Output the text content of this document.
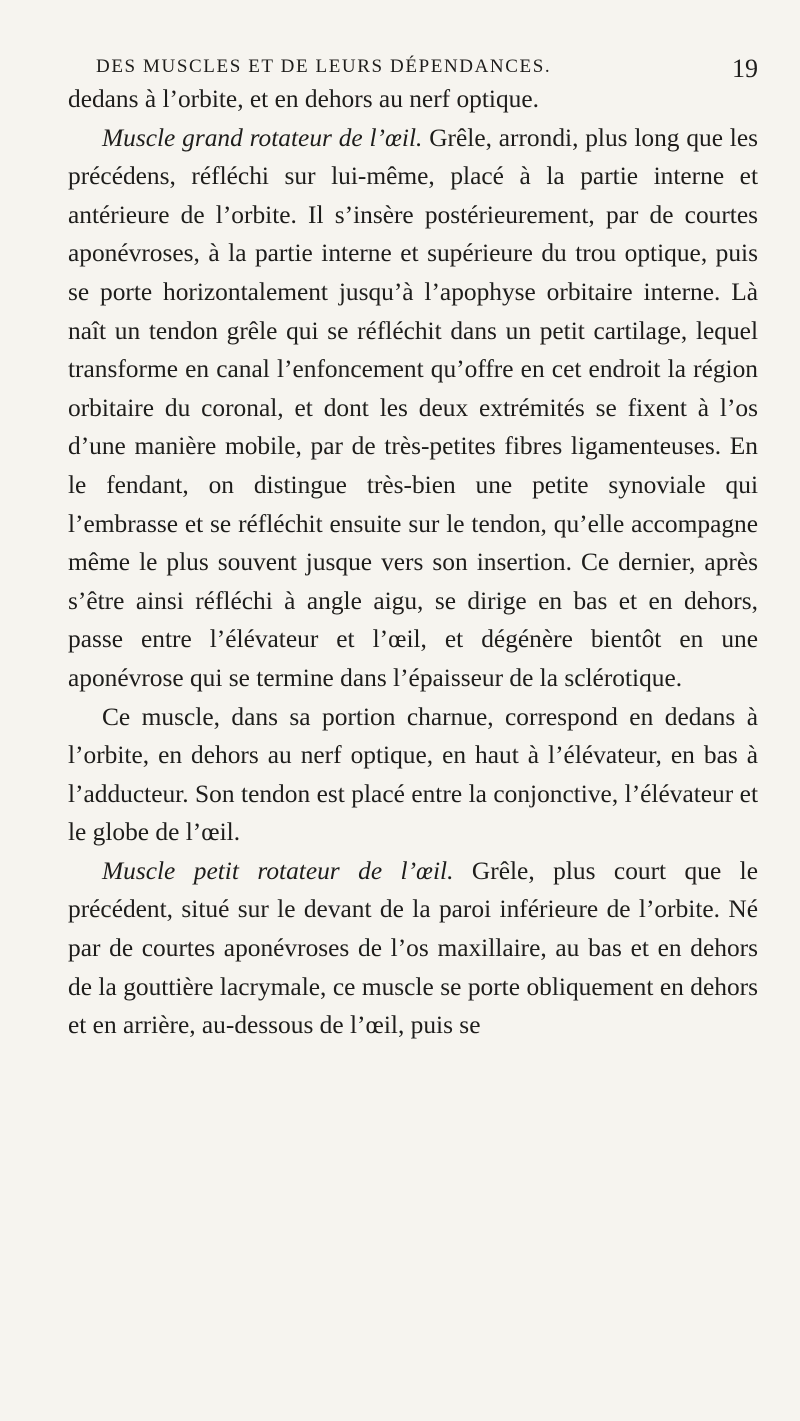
DES MUSCLES ET DE LEURS DÉPENDANCES.	19

dedans à l’orbite, et en dehors au nerf optique.

Muscle grand rotateur de l’œil. Grêle, arrondi, plus long que les précédens, réfléchi sur lui-même, placé à la partie interne et antérieure de l’orbite. Il s’insère postérieurement, par de courtes aponévroses, à la partie interne et supérieure du trou optique, puis se porte horizontalement jusqu’à l’apophyse orbitaire interne. Là naît un tendon grêle qui se réfléchit dans un petit cartilage, lequel transforme en canal l’enfoncement qu’offre en cet endroit la région orbitaire du coronal, et dont les deux extrémités se fixent à l’os d’une manière mobile, par de très-petites fibres ligamenteuses. En le fendant, on distingue très-bien une petite synoviale qui l’embrasse et se réfléchit ensuite sur le tendon, qu’elle accompagne même le plus souvent jusque vers son insertion. Ce dernier, après s’être ainsi réfléchi à angle aigu, se dirige en bas et en dehors, passe entre l’élévateur et l’œil, et dégénère bientôt en une aponévrose qui se termine dans l’épaisseur de la sclérotique.

Ce muscle, dans sa portion charnue, correspond en dedans à l’orbite, en dehors au nerf optique, en haut à l’élévateur, en bas à l’adducteur. Son tendon est placé entre la conjonctive, l’élévateur et le globe de l’œil.

Muscle petit rotateur de l’œil. Grêle, plus court que le précédent, situé sur le devant de la paroi inférieure de l’orbite. Né par de courtes aponévroses de l’os maxillaire, au bas et en dehors de la gouttière lacrymale, ce muscle se porte obliquement en dehors et en arrière, au-dessous de l’œil, puis se
